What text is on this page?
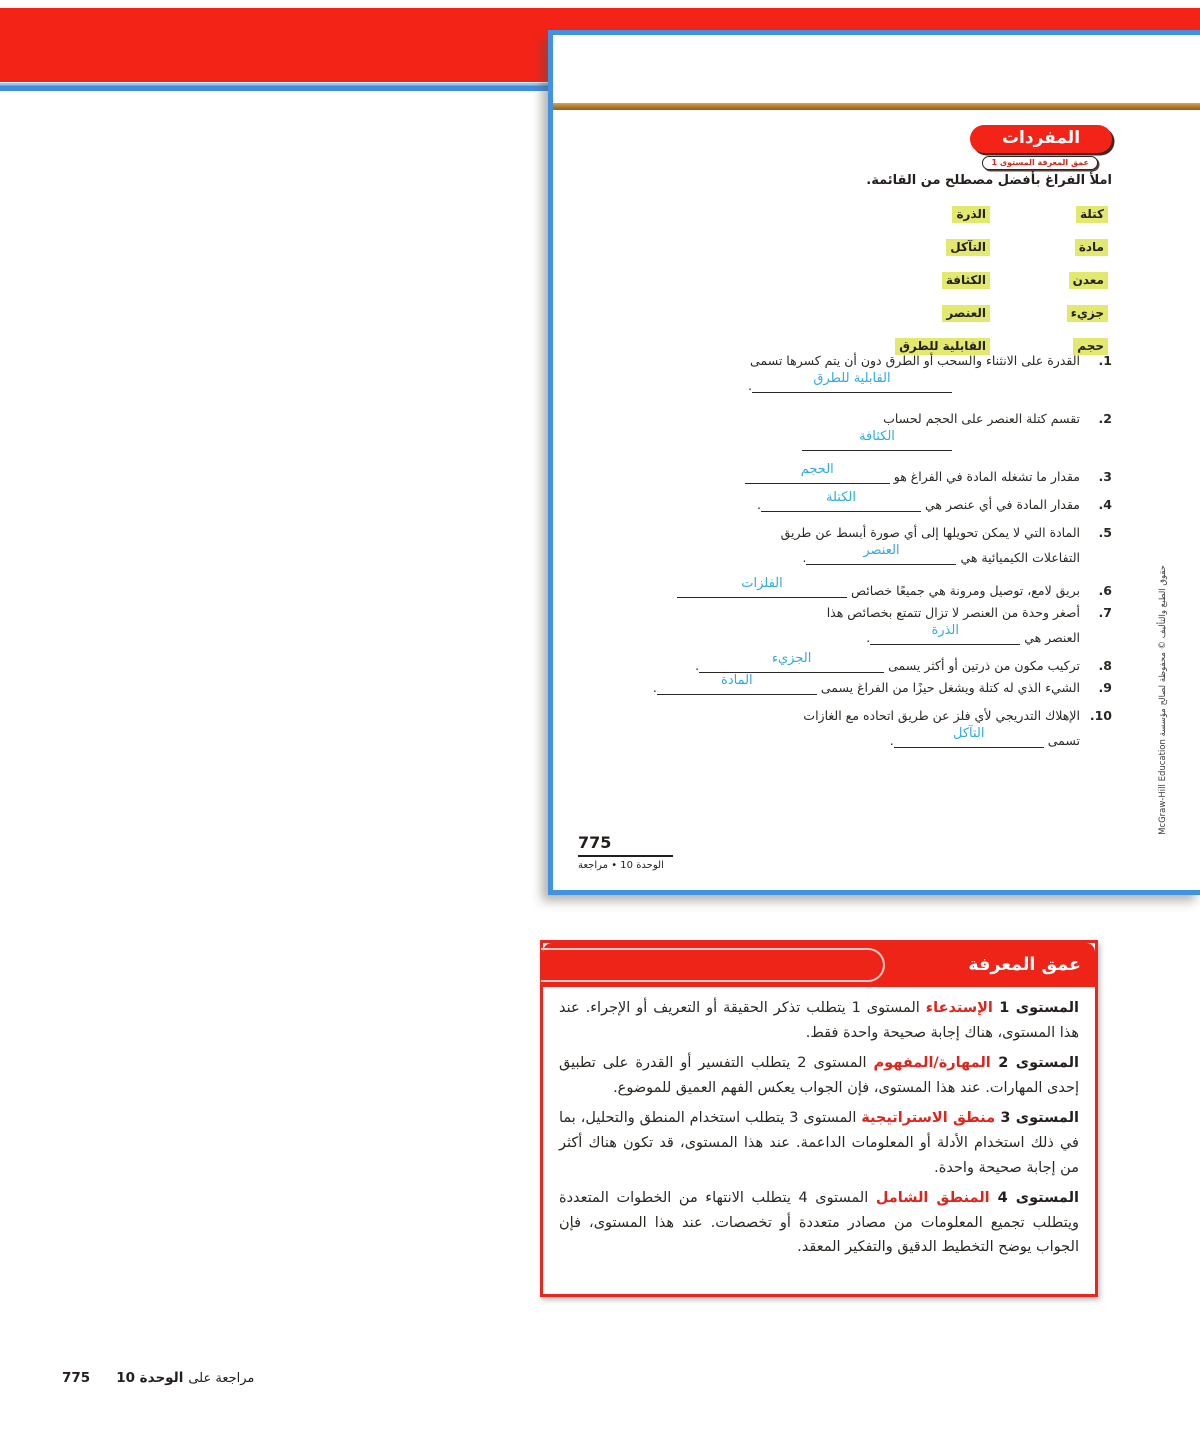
المفردات
عمق المعرفة المستوى 1

املأ الفراغ بأفضل مصطلح من القائمة.

كتلة
الذرة
مادة
التآكل
معدن
الكثافة
جزيء
العنصر
حجم
القابلية للطرق
1.
القدرة على الانثناء والسحب أو الطرق دون أن يتم كسرها تسمى
القابلية للطرق
.
2.
تقسم كتلة العنصر على الحجم لحساب
الكثافة
3.
مقدار ما تشغله المادة في الفراغ هو
الحجم
4.
مقدار المادة في أي عنصر هي
الكتلة
.
5.
المادة التي لا يمكن تحويلها إلى أي صورة أبسط عن طريق
التفاعلات الكيميائية هي
العنصر
.
6.
بريق لامع، توصيل ومرونة هي جميعًا خصائص
الفلزات
7.
أصغر وحدة من العنصر لا تزال تتمتع بخصائص هذا
العنصر هي
الذرة
.
8.
تركيب مكون من ذرتين أو أكثر يسمى
الجزيء
.
9.
الشيء الذي له كتلة ويشغل حيزًا من الفراغ يسمى
المادة
.
10.
الإهلاك التدريجي لأي فلز عن طريق اتحاده مع الغازات
تسمى
التآكل
.
775
الوحدة 10 • مراجعة
حقوق الطبع والتأليف © محفوظة لصالح مؤسسة McGraw-Hill Education
عمق المعرفة

المستوى 1 الإستدعاء المستوى 1 يتطلب تذكر الحقيقة أو التعريف أو الإجراء. عند هذا المستوى، هناك إجابة صحيحة واحدة فقط.

المستوى 2 المهارة/المفهوم المستوى 2 يتطلب التفسير أو القدرة على تطبيق إحدى المهارات. عند هذا المستوى، فإن الجواب يعكس الفهم العميق للموضوع.

المستوى 3 منطق الاستراتيجية المستوى 3 يتطلب استخدام المنطق والتحليل، بما في ذلك استخدام الأدلة أو المعلومات الداعمة. عند هذا المستوى، قد تكون هناك أكثر من إجابة صحيحة واحدة.

المستوى 4 المنطق الشامل المستوى 4 يتطلب الانتهاء من الخطوات المتعددة ويتطلب تجميع المعلومات من مصادر متعددة أو تخصصات. عند هذا المستوى، فإن الجواب يوضح التخطيط الدقيق والتفكير المعقد.

مراجعة على
الوحدة 10
775
